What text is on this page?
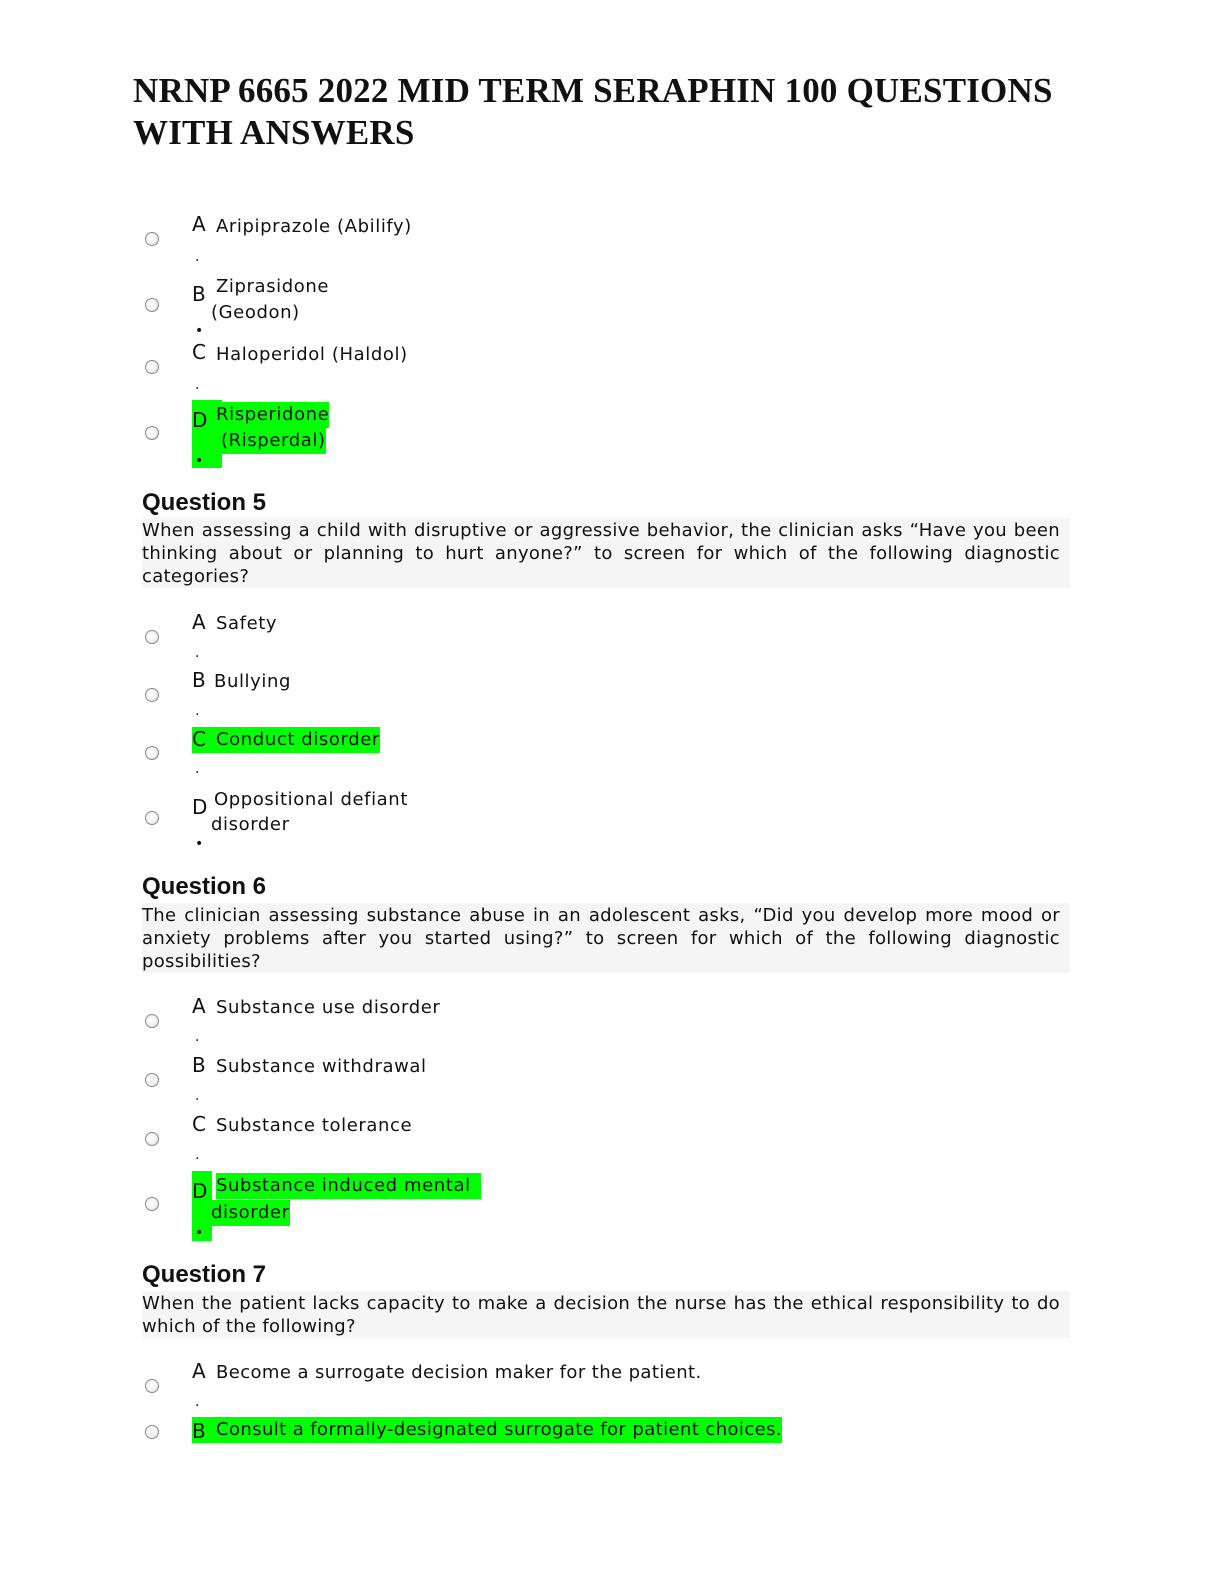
NRNP 6665 2022 MID TERM SERAPHIN 100 QUESTIONS WITH ANSWERS
A Aripiprazole (Abilify)
.
B Ziprasidone
(Geodon)
•
C Haloperidol (Haldol)
.
D Risperidone
(Risperdal)
•
Question 5
When assessing a child with disruptive or aggressive behavior, the clinician asks “Have you been thinking about or planning to hurt anyone?” to screen for which of the following diagnostic categories?
A Safety
.
B Bullying
.
C Conduct disorder
.
D Oppositional defiant
disorder
•
Question 6
The clinician assessing substance abuse in an adolescent asks, “Did you develop more mood or anxiety problems after you started using?” to screen for which of the following diagnostic possibilities?
A Substance use disorder
.
B Substance withdrawal
.
C Substance tolerance
.
D Substance induced mental
disorder
•
Question 7
When the patient lacks capacity to make a decision the nurse has the ethical responsibility to do which of the following?
A Become a surrogate decision maker for the patient.
.
B Consult a formally-designated surrogate for patient choices.
